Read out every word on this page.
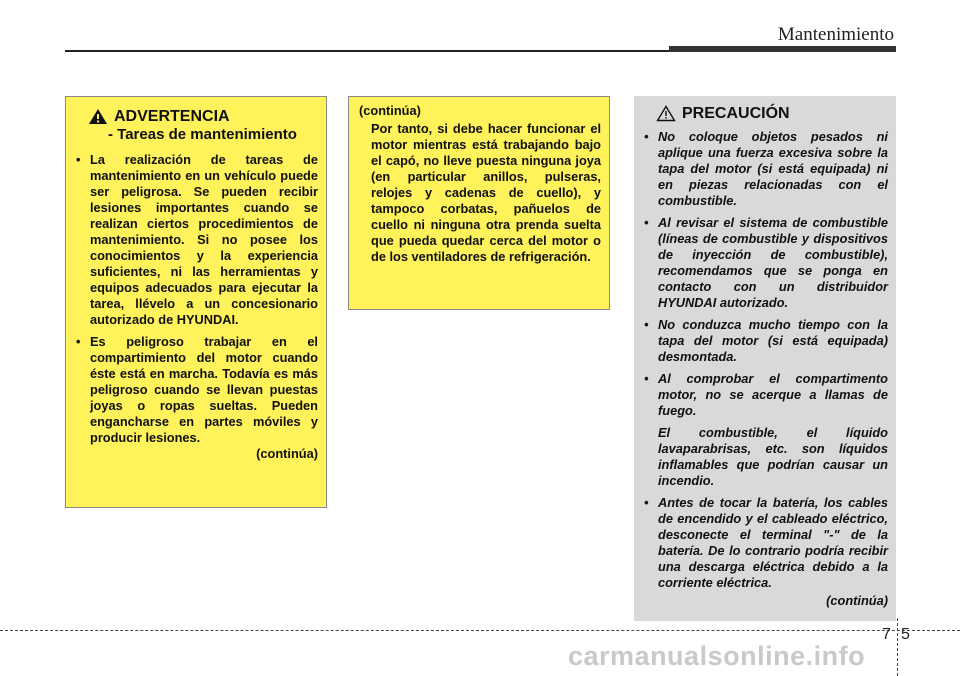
Mantenimiento
ADVERTENCIA
- Tareas de mantenimiento
• La realización de tareas de mantenimiento en un vehículo puede ser peligrosa. Se pueden recibir lesiones importantes cuando se realizan ciertos procedimientos de mantenimiento. Si no posee los conocimientos y la experiencia suficientes, ni las herramientas y equipos adecuados para ejecutar la tarea, llévelo a un concesionario autorizado de HYUNDAI.
• Es peligroso trabajar en el compartimiento del motor cuando éste está en marcha. Todavía es más peligroso cuando se llevan puestas joyas o ropas sueltas. Pueden engancharse en partes móviles y producir lesiones.
(continúa)
(continúa)
Por tanto, si debe hacer funcionar el motor mientras está trabajando bajo el capó, no lleve puesta ninguna joya (en particular anillos, pulseras, relojes y cadenas de cuello), y tampoco corbatas, pañuelos de cuello ni ninguna otra prenda suelta que pueda quedar cerca del motor o de los ventiladores de refrigeración.
PRECAUCIÓN
• No coloque objetos pesados ni aplique una fuerza excesiva sobre la tapa del motor (si está equipada) ni en piezas relacionadas con el combustible.
• Al revisar el sistema de combustible (líneas de combustible y dispositivos de inyección de combustible), recomendamos que se ponga en contacto con un distribuidor HYUNDAI autorizado.
• No conduzca mucho tiempo con la tapa del motor (si está equipada) desmontada.
• Al comprobar el compartimento motor, no se acerque a llamas de fuego.
El combustible, el líquido lavaparabrisas, etc. son líquidos inflamables que podrían causar un incendio.
• Antes de tocar la batería, los cables de encendido y el cableado eléctrico, desconecte el terminal "-" de la batería. De lo contrario podría recibir una descarga eléctrica debido a la corriente eléctrica.
(continúa)
7 5
carmanualsonline.info
